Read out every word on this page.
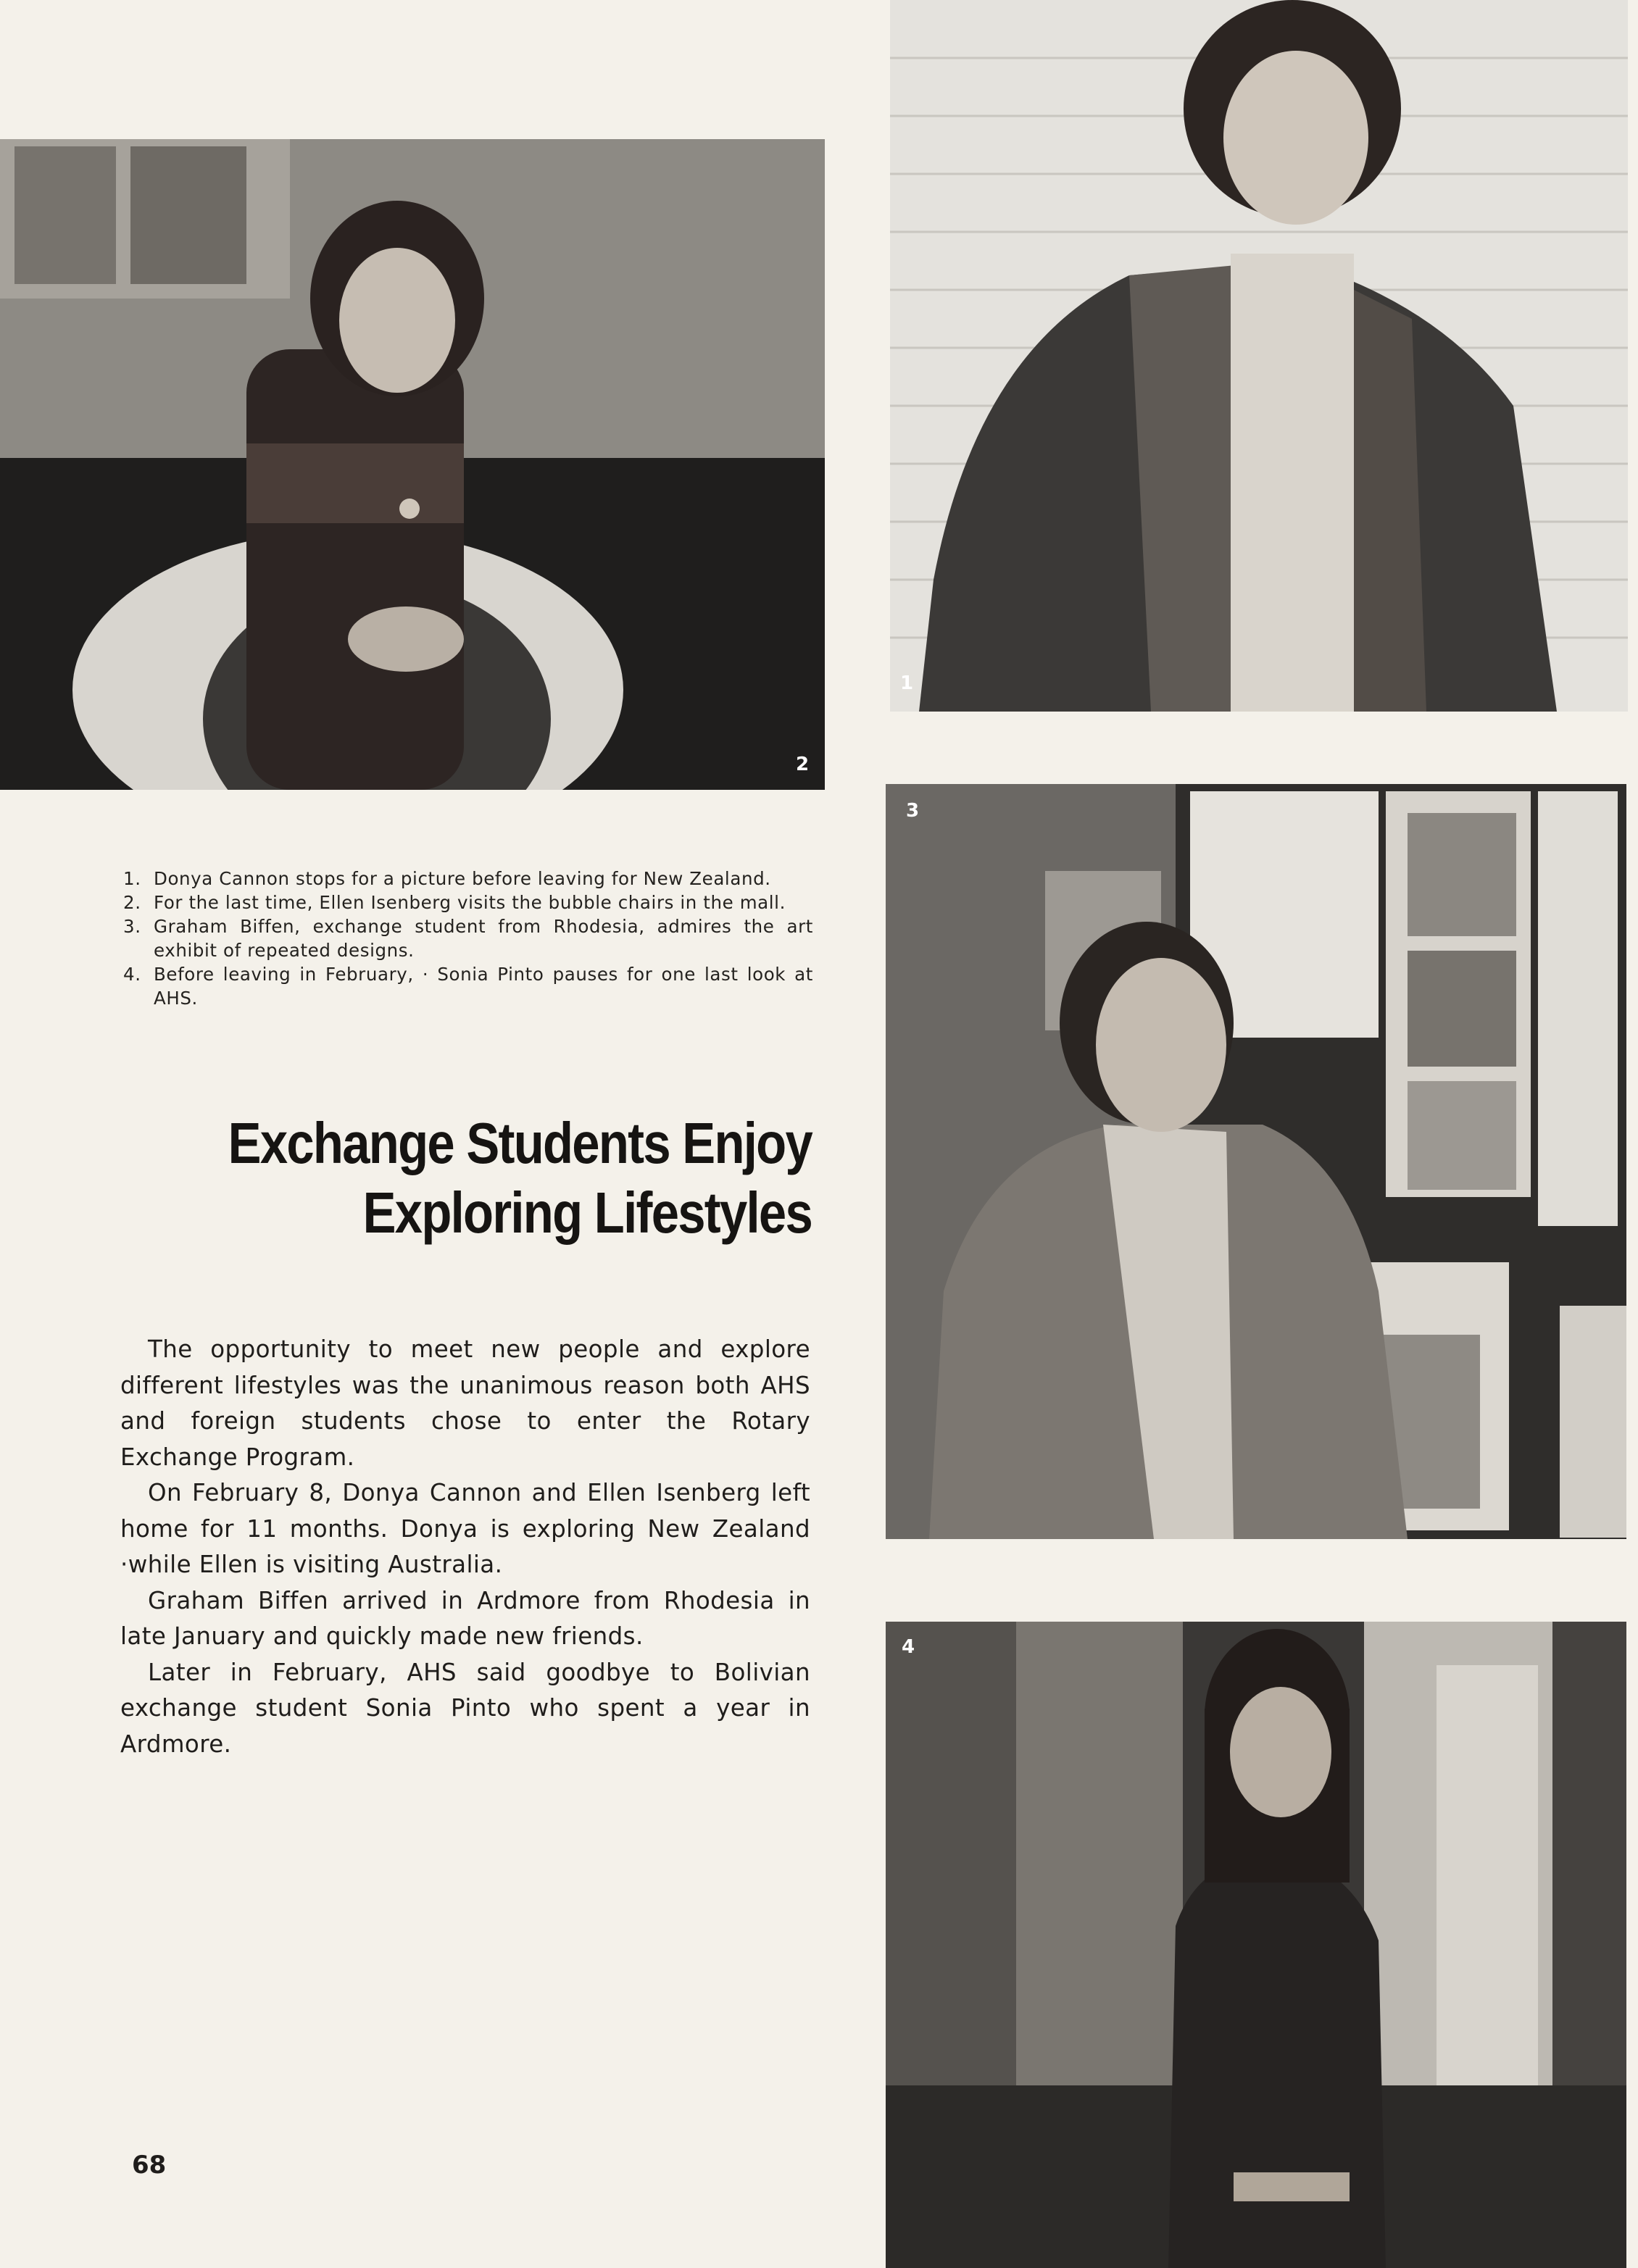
2
1
3
4
1. Donya Cannon stops for a picture before leaving for New Zealand.
2. For the last time, Ellen Isenberg visits the bubble chairs in the mall.
3. Graham Biffen, exchange student from Rhodesia, admires the art exhibit of repeated designs.
4. Before leaving in February, · Sonia Pinto pauses for one last look at AHS.
Exchange Students Enjoy
Exploring Lifestyles

The opportunity to meet new people and explore different lifestyles was the unanimous reason both AHS and foreign students chose to enter the Rotary Exchange Program.

On February 8, Donya Cannon and Ellen Isenberg left home for 11 months. Donya is exploring New Zealand ·while Ellen is visiting Australia.

Graham Biffen arrived in Ardmore from Rhodesia in late January and quickly made new friends.

Later in February, AHS said goodbye to Bolivian exchange student Sonia Pinto who spent a year in Ardmore.

68
